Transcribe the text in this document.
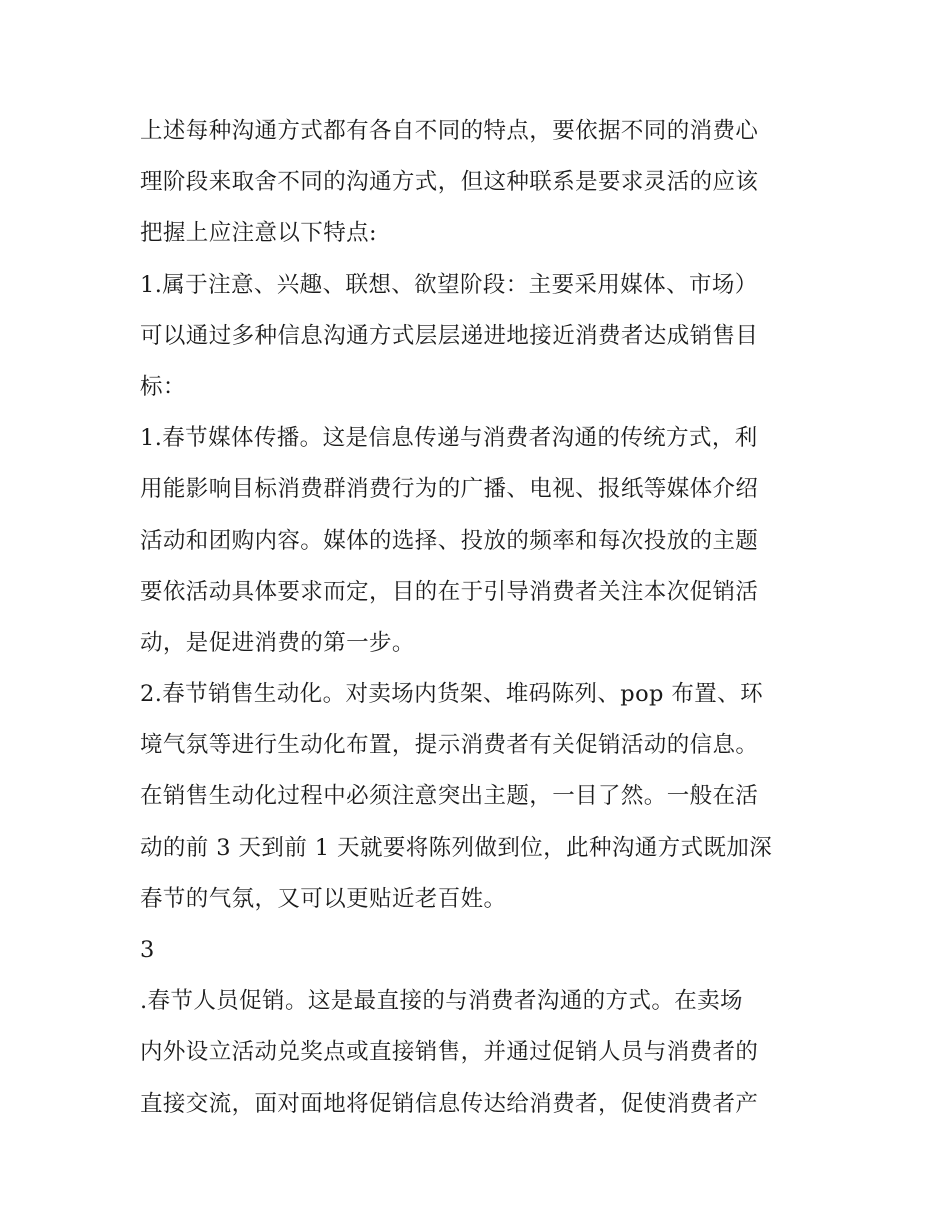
上述每种沟通方式都有各自不同的特点，要依据不同的消费心
理阶段来取舍不同的沟通方式，但这种联系是要求灵活的应该
把握上应注意以下特点:
1.属于注意、兴趣、联想、欲望阶段：主要采用媒体、市场）
可以通过多种信息沟通方式层层递进地接近消费者达成销售目
标：
1.春节媒体传播。这是信息传递与消费者沟通的传统方式，利
用能影响目标消费群消费行为的广播、电视、报纸等媒体介绍
活动和团购内容。媒体的选择、投放的频率和每次投放的主题
要依活动具体要求而定，目的在于引导消费者关注本次促销活
动，是促进消费的第一步。
2.春节销售生动化。对卖场内货架、堆码陈列、pop 布置、环
境气氛等进行生动化布置，提示消费者有关促销活动的信息。
在销售生动化过程中必须注意突出主题，一目了然。一般在活
动的前 3 天到前 1 天就要将陈列做到位，此种沟通方式既加深
春节的气氛，又可以更贴近老百姓。
3
.春节人员促销。这是最直接的与消费者沟通的方式。在卖场
内外设立活动兑奖点或直接销售，并通过促销人员与消费者的
直接交流，面对面地将促销信息传达给消费者，促使消费者产
